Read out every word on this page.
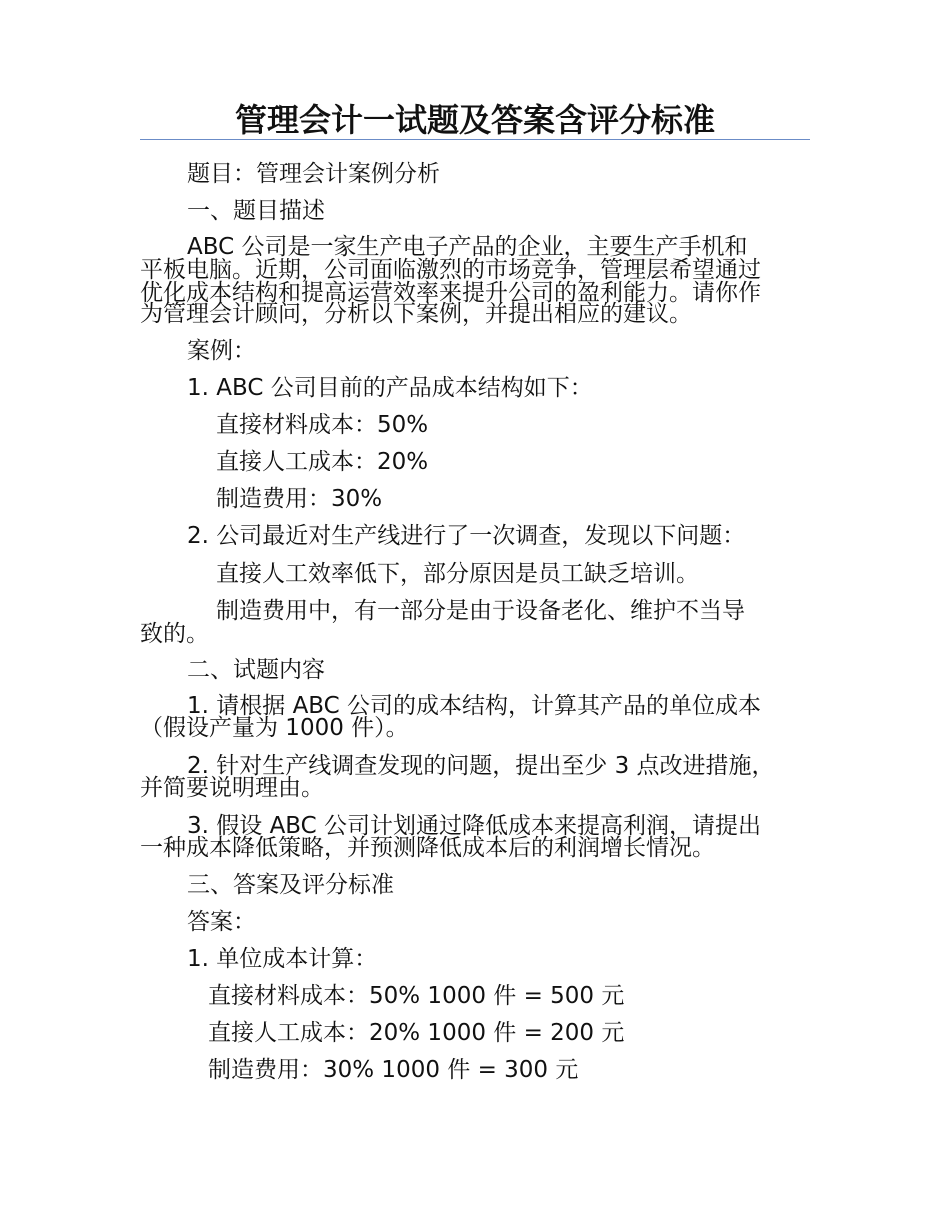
管理会计一试题及答案含评分标准
题目：管理会计案例分析
一、题目描述
ABC 公司是一家生产电子产品的企业，主要生产手机和
平板电脑。近期，公司面临激烈的市场竞争，管理层希望通过
优化成本结构和提高运营效率来提升公司的盈利能力。请你作
为管理会计顾问，分析以下案例，并提出相应的建议。
案例：
1. ABC 公司目前的产品成本结构如下：
直接材料成本：50%
直接人工成本：20%
制造费用：30%
2. 公司最近对生产线进行了一次调查，发现以下问题：
直接人工效率低下，部分原因是员工缺乏培训。
制造费用中，有一部分是由于设备老化、维护不当导
致的。
二、试题内容
1. 请根据 ABC 公司的成本结构，计算其产品的单位成本
（假设产量为 1000 件）。
2. 针对生产线调查发现的问题，提出至少 3 点改进措施，
并简要说明理由。
3. 假设 ABC 公司计划通过降低成本来提高利润，请提出
一种成本降低策略，并预测降低成本后的利润增长情况。
三、答案及评分标准
答案：
1. 单位成本计算：
直接材料成本：50% 1000 件 = 500 元
直接人工成本：20% 1000 件 = 200 元
制造费用：30% 1000 件 = 300 元
